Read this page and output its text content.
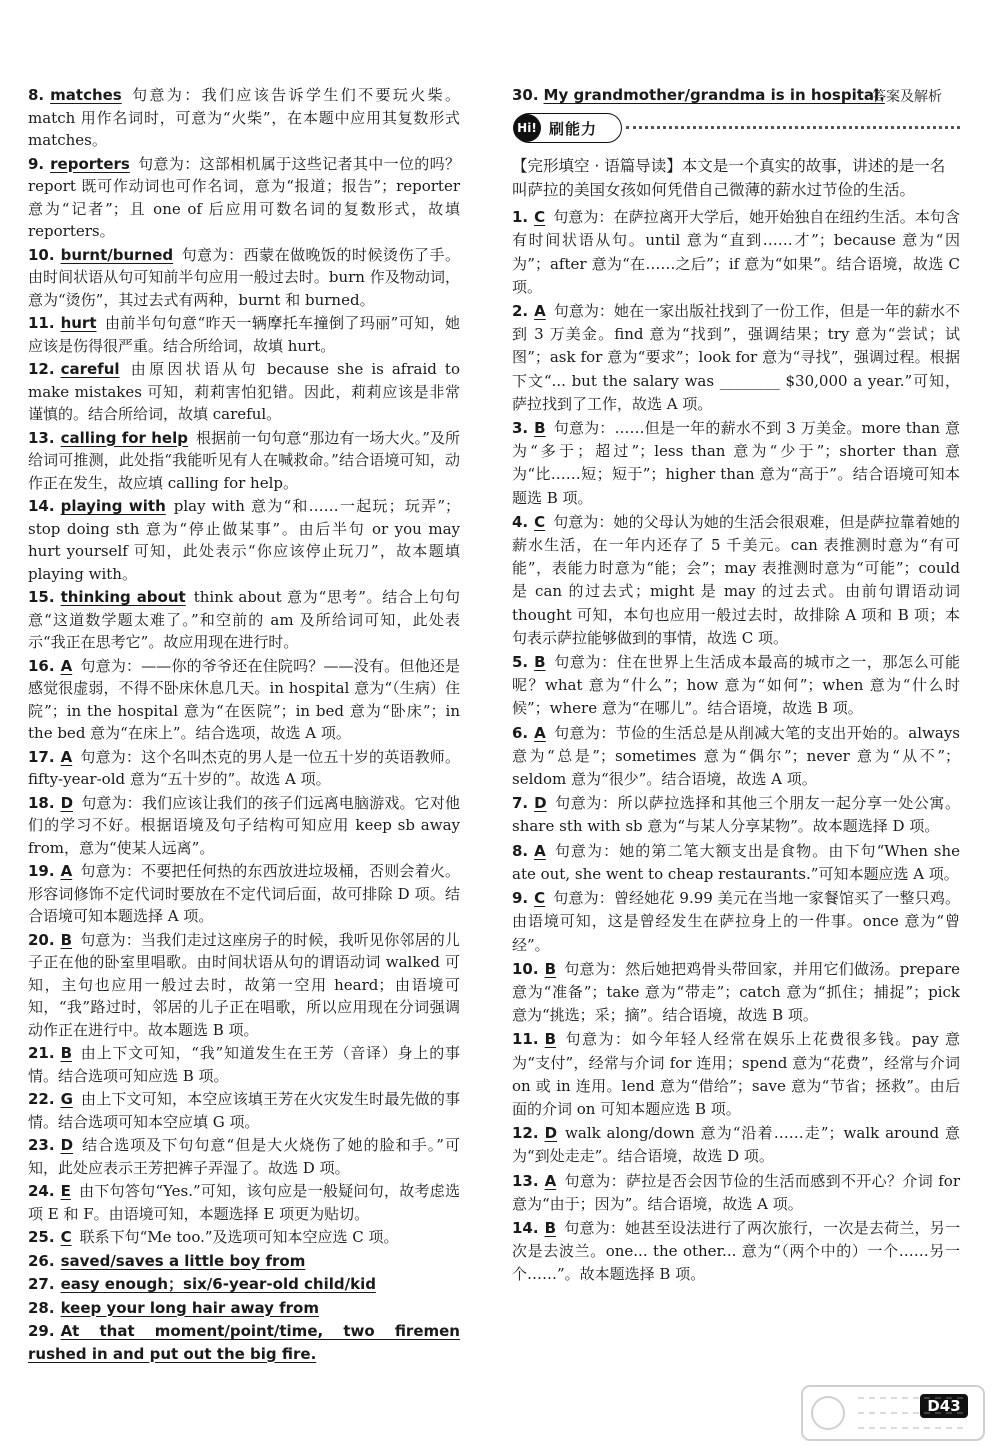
答案及解析
8. matches 句意为：我们应该告诉学生们不要玩火柴。match 用作名词时，可意为“火柴”，在本题中应用其复数形式 matches。
9. reporters 句意为：这部相机属于这些记者其中一位的吗？report 既可作动词也可作名词，意为“报道；报告”；reporter 意为“记者”；且 one of 后应用可数名词的复数形式，故填 reporters。
10. burnt/burned 句意为：西蒙在做晚饭的时候烫伤了手。由时间状语从句可知前半句应用一般过去时。burn 作及物动词，意为“烫伤”，其过去式有两种，burnt 和 burned。
11. hurt 由前半句句意“昨天一辆摩托车撞倒了玛丽”可知，她应该是伤得很严重。结合所给词，故填 hurt。
12. careful 由原因状语从句 because she is afraid to make mistakes 可知，莉莉害怕犯错。因此，莉莉应该是非常谨慎的。结合所给词，故填 careful。
13. calling for help 根据前一句句意“那边有一场大火。”及所给词可推测，此处指“我能听见有人在喊救命。”结合语境可知，动作正在发生，故应填 calling for help。
14. playing with play with 意为“和……一起玩；玩弄”；stop doing sth 意为“停止做某事”。由后半句 or you may hurt yourself 可知，此处表示“你应该停止玩刀”，故本题填 playing with。
15. thinking about think about 意为“思考”。结合上句句意“这道数学题太难了。”和空前的 am 及所给词可知，此处表示“我正在思考它”。故应用现在进行时。
16. A 句意为：——你的爷爷还在住院吗？——没有。但他还是感觉很虚弱，不得不卧床休息几天。in hospital 意为“（生病）住院”；in the hospital 意为“在医院”；in bed 意为“卧床”；in the bed 意为“在床上”。结合选项，故选 A 项。
17. A 句意为：这个名叫杰克的男人是一位五十岁的英语教师。fifty-year-old 意为“五十岁的”。故选 A 项。
18. D 句意为：我们应该让我们的孩子们远离电脑游戏。它对他们的学习不好。根据语境及句子结构可知应用 keep sb away from，意为“使某人远离”。
19. A 句意为：不要把任何热的东西放进垃圾桶，否则会着火。形容词修饰不定代词时要放在不定代词后面，故可排除 D 项。结合语境可知本题选择 A 项。
20. B 句意为：当我们走过这座房子的时候，我听见你邻居的儿子正在他的卧室里唱歌。由时间状语从句的谓语动词 walked 可知，主句也应用一般过去时，故第一空用 heard；由语境可知，“我”路过时，邻居的儿子正在唱歌，所以应用现在分词强调动作正在进行中。故本题选 B 项。
21. B 由上下文可知，“我”知道发生在王芳（音译）身上的事情。结合选项可知应选 B 项。
22. G 由上下文可知，本空应该填王芳在火灾发生时最先做的事情。结合选项可知本空应填 G 项。
23. D 结合选项及下句句意“但是大火烧伤了她的脸和手。”可知，此处应表示王芳把裤子弄湿了。故选 D 项。
24. E 由下句答句“Yes.”可知，该句应是一般疑问句，故考虑选项 E 和 F。由语境可知，本题选择 E 项更为贴切。
25. C 联系下句“Me too.”及选项可知本空应选 C 项。
26. saved/saves a little boy from
27. easy enough；six/6-year-old child/kid
28. keep your long hair away from
29. At that moment/point/time, two firemen rushed in and put out the big fire.
30. My grandmother/grandma is in hospital.
Hi! 刷能力
【完形填空 · 语篇导读】本文是一个真实的故事，讲述的是一名叫萨拉的美国女孩如何凭借自己微薄的薪水过节俭的生活。
1. C 句意为：在萨拉离开大学后，她开始独自在纽约生活。本句含有时间状语从句。until 意为“直到……才”；because 意为“因为”；after 意为“在……之后”；if 意为“如果”。结合语境，故选 C 项。
2. A 句意为：她在一家出版社找到了一份工作，但是一年的薪水不到 3 万美金。find 意为“找到”，强调结果；try 意为“尝试；试图”；ask for 意为“要求”；look for 意为“寻找”，强调过程。根据下文“... but the salary was ________ $30,000 a year.”可知，萨拉找到了工作，故选 A 项。
3. B 句意为：……但是一年的薪水不到 3 万美金。more than 意为“多于；超过”；less than 意为“少于”；shorter than 意为“比……短；短于”；higher than 意为“高于”。结合语境可知本题选 B 项。
4. C 句意为：她的父母认为她的生活会很艰难，但是萨拉靠着她的薪水生活，在一年内还存了 5 千美元。can 表推测时意为“有可能”，表能力时意为“能；会”；may 表推测时意为“可能”；could 是 can 的过去式；might 是 may 的过去式。由前句谓语动词 thought 可知，本句也应用一般过去时，故排除 A 项和 B 项；本句表示萨拉能够做到的事情，故选 C 项。
5. B 句意为：住在世界上生活成本最高的城市之一，那怎么可能呢？what 意为“什么”；how 意为“如何”；when 意为“什么时候”；where 意为“在哪儿”。结合语境，故选 B 项。
6. A 句意为：节俭的生活总是从削减大笔的支出开始的。always 意为“总是”；sometimes 意为“偶尔”；never 意为“从不”；seldom 意为“很少”。结合语境，故选 A 项。
7. D 句意为：所以萨拉选择和其他三个朋友一起分享一处公寓。share sth with sb 意为“与某人分享某物”。故本题选择 D 项。
8. A 句意为：她的第二笔大额支出是食物。由下句“When she ate out, she went to cheap restaurants.”可知本题应选 A 项。
9. C 句意为：曾经她花 9.99 美元在当地一家餐馆买了一整只鸡。由语境可知，这是曾经发生在萨拉身上的一件事。once 意为“曾经”。
10. B 句意为：然后她把鸡骨头带回家，并用它们做汤。prepare 意为“准备”；take 意为“带走”；catch 意为“抓住；捕捉”；pick 意为“挑选；采；摘”。结合语境，故选 B 项。
11. B 句意为：如今年轻人经常在娱乐上花费很多钱。pay 意为“支付”，经常与介词 for 连用；spend 意为“花费”，经常与介词 on 或 in 连用。lend 意为“借给”；save 意为“节省；拯救”。由后面的介词 on 可知本题应选 B 项。
12. D walk along/down 意为“沿着……走”；walk around 意为“到处走走”。结合语境，故选 D 项。
13. A 句意为：萨拉是否会因节俭的生活而感到不开心？介词 for 意为“由于；因为”。结合语境，故选 A 项。
14. B 句意为：她甚至设法进行了两次旅行，一次是去荷兰，另一次是去波兰。one... the other... 意为“（两个中的）一个……另一个……”。故本题选择 B 项。
D43
